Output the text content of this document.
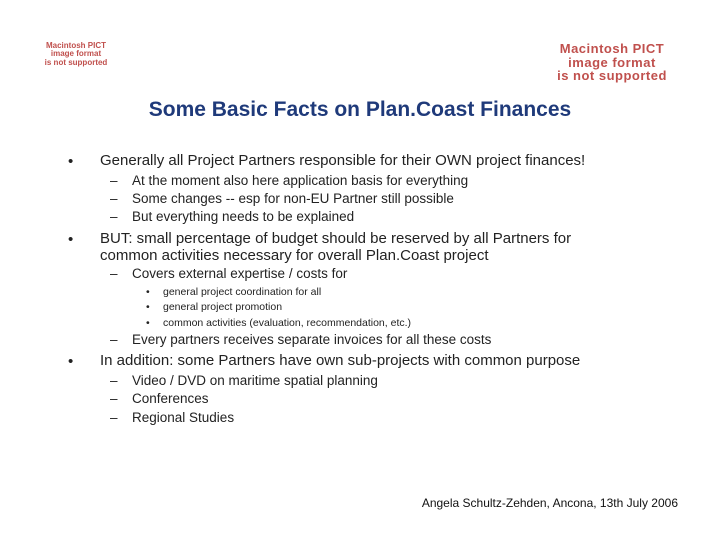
Macintosh PICT
image format
is not supported
Macintosh PICT
image format
is not supported
Some Basic Facts on Plan.Coast Finances
• Generally all Project Partners responsible for their OWN project finances!
– At the moment also here application basis for everything
– Some changes -- esp for non-EU Partner still possible
– But everything needs to be explained
• BUT: small percentage of budget should be reserved by all Partners for
common activities necessary for overall Plan.Coast project
– Covers external expertise / costs for
• general project coordination for all
• general project promotion
• common activities (evaluation, recommendation, etc.)
– Every partners receives separate invoices for all these costs
• In addition: some Partners have own sub-projects with common purpose
– Video / DVD on maritime spatial planning
– Conferences
– Regional Studies
Angela Schultz-Zehden, Ancona, 13th July 2006
